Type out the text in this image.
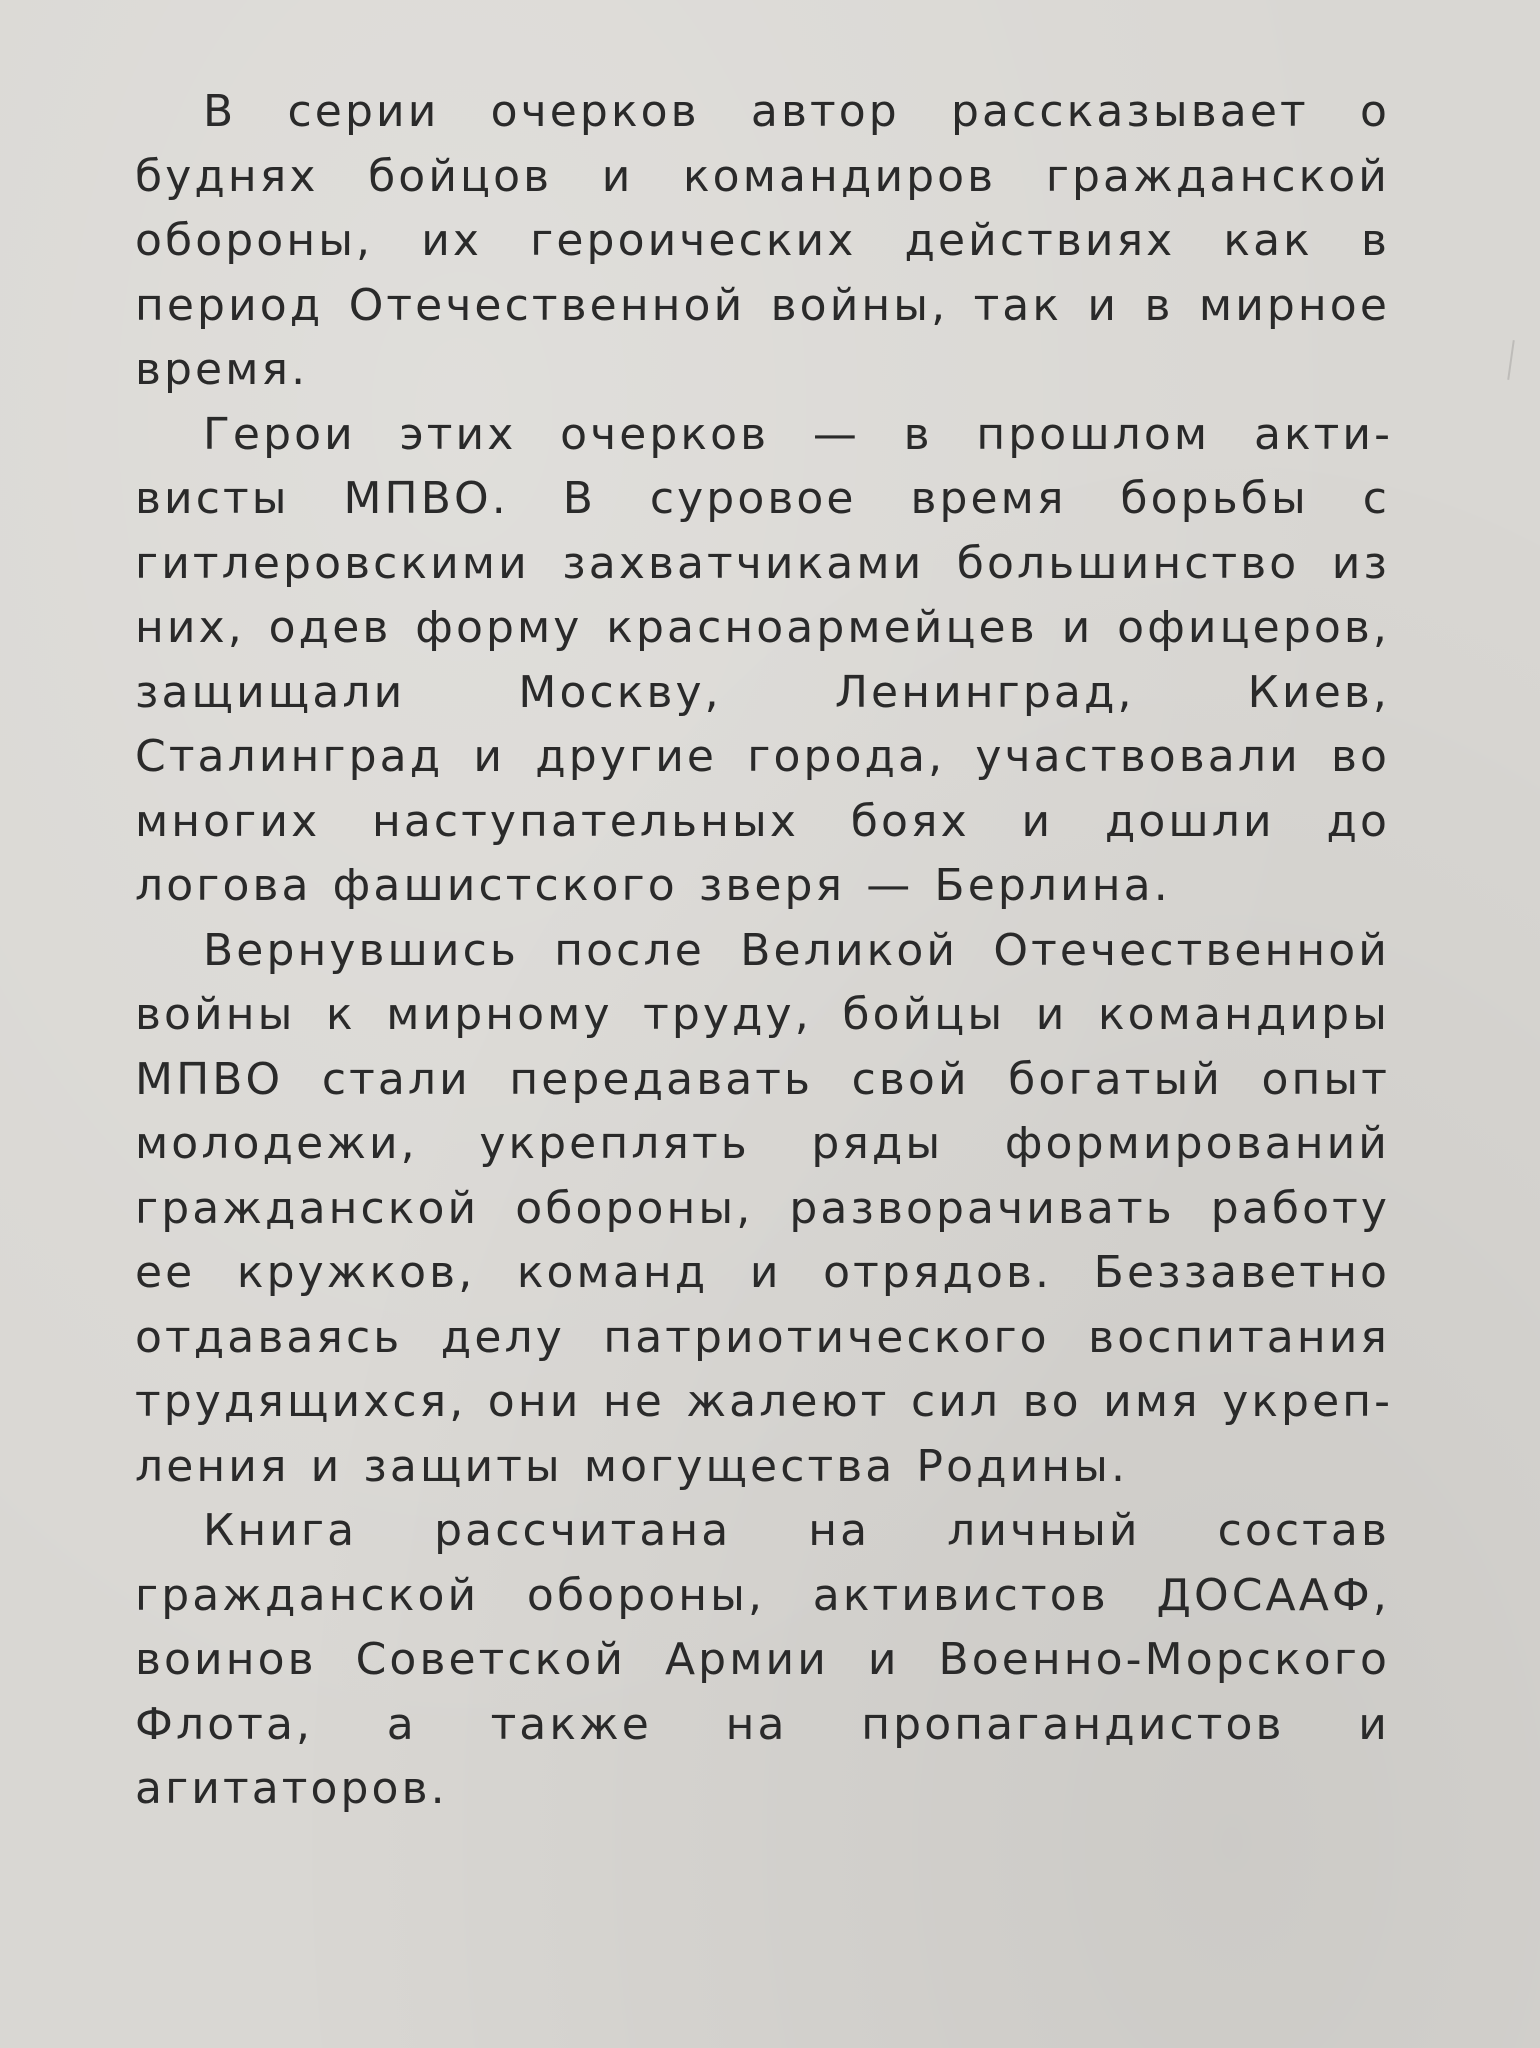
В серии очерков автор рассказывает о буднях бойцов и командиров гражданской обороны, их героических действиях как в период Отечественной войны, так и в мирное время.

Герои этих очерков — в прошлом активисты МПВО. В суровое время борьбы с гитлеровскими захватчиками большинство из них, одев форму красноармейцев и офицеров, защищали Москву, Ленинград, Киев, Сталинград и другие города, участвовали во многих наступательных боях и дошли до логова фашистского зверя — Берлина.

Вернувшись после Великой Отечественной войны к мирному труду, бойцы и командиры МПВО стали передавать свой богатый опыт молодежи, укреплять ряды формирований гражданской обороны, разворачивать работу ее кружков, команд и отрядов. Беззаветно отдаваясь делу патриотического воспитания трудящихся, они не жалеют сил во имя укрепления и защиты могущества Родины.

Книга рассчитана на личный состав гражданской обороны, активистов ДОСААФ, воинов Советской Армии и Военно-Морского Флота, а также на пропагандистов и агитаторов.
